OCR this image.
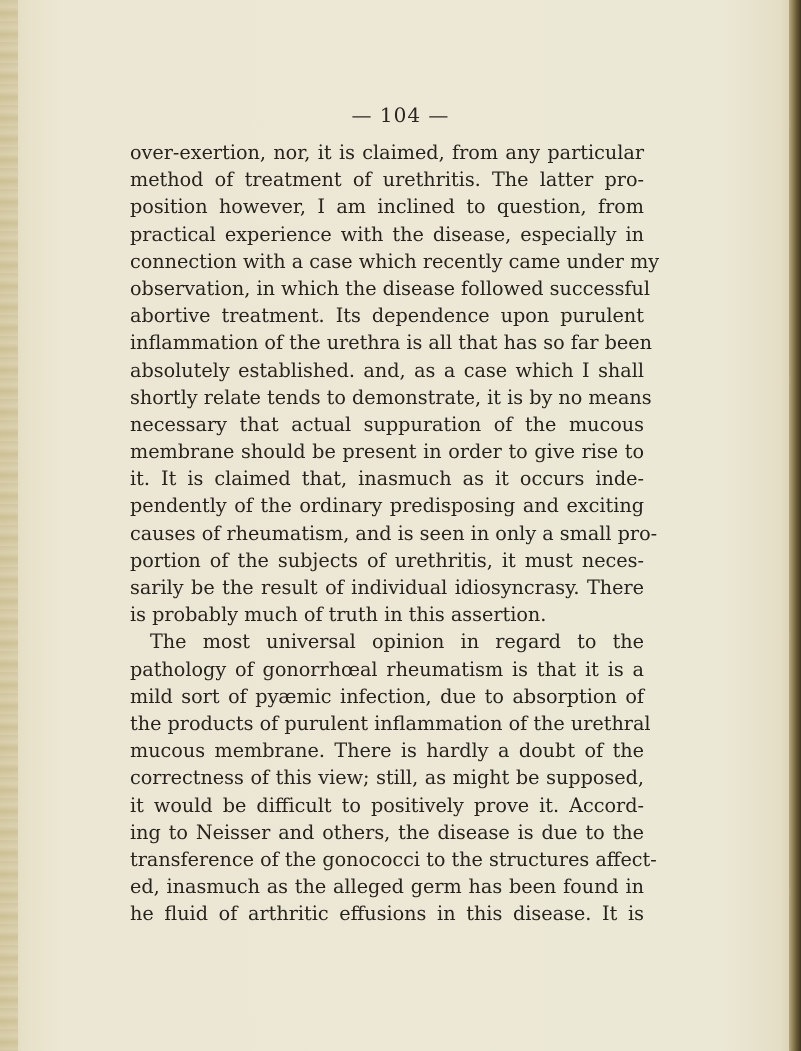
— 104 —
over-exertion, nor, it is claimed, from any particular
method of treatment of urethritis. The latter pro-
position however, I am inclined to question, from
practical experience with the disease, especially in
connection with a case which recently came under my
observation, in which the disease followed successful
abortive treatment. Its dependence upon purulent
inflammation of the urethra is all that has so far been
absolutely established. and, as a case which I shall
shortly relate tends to demonstrate, it is by no means
necessary that actual suppuration of the mucous
membrane should be present in order to give rise to
it. It is claimed that, inasmuch as it occurs inde-
pendently of the ordinary predisposing and exciting
causes of rheumatism, and is seen in only a small pro-
portion of the subjects of urethritis, it must neces-
sarily be the result of individual idiosyncrasy. There
is probably much of truth in this assertion.
The most universal opinion in regard to the
pathology of gonorrhœal rheumatism is that it is a
mild sort of pyæmic infection, due to absorption of
the products of purulent inflammation of the urethral
mucous membrane. There is hardly a doubt of the
correctness of this view; still, as might be supposed,
it would be difficult to positively prove it. Accord-
ing to Neisser and others, the disease is due to the
transference of the gonococci to the structures affect-
ed, inasmuch as the alleged germ has been found in
he fluid of arthritic effusions in this disease. It is
